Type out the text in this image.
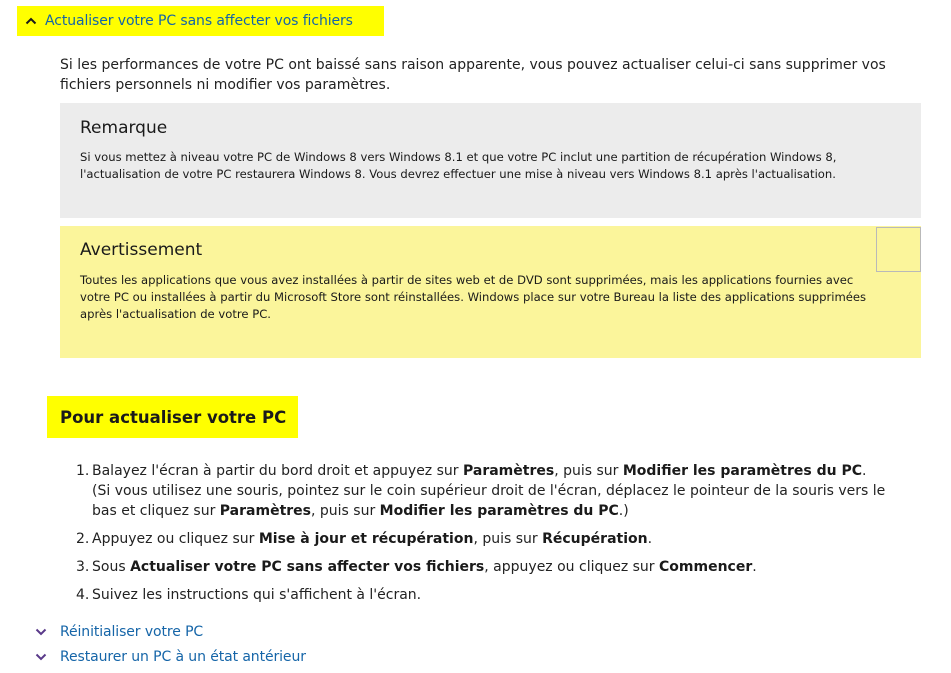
Actualiser votre PC sans affecter vos fichiers
Si les performances de votre PC ont baissé sans raison apparente, vous pouvez actualiser celui-ci sans supprimer vos fichiers personnels ni modifier vos paramètres.
Remarque
Si vous mettez à niveau votre PC de Windows 8 vers Windows 8.1 et que votre PC inclut une partition de récupération Windows 8, l'actualisation de votre PC restaurera Windows 8. Vous devrez effectuer une mise à niveau vers Windows 8.1 après l'actualisation.
Avertissement
Toutes les applications que vous avez installées à partir de sites web et de DVD sont supprimées, mais les applications fournies avec votre PC ou installées à partir du Microsoft Store sont réinstallées. Windows place sur votre Bureau la liste des applications supprimées après l'actualisation de votre PC.
Pour actualiser votre PC
1. Balayez l'écran à partir du bord droit et appuyez sur Paramètres, puis sur Modifier les paramètres du PC.
(Si vous utilisez une souris, pointez sur le coin supérieur droit de l'écran, déplacez le pointeur de la souris vers le bas et cliquez sur Paramètres, puis sur Modifier les paramètres du PC.)
2. Appuyez ou cliquez sur Mise à jour et récupération, puis sur Récupération.
3. Sous Actualiser votre PC sans affecter vos fichiers, appuyez ou cliquez sur Commencer.
4. Suivez les instructions qui s'affichent à l'écran.
Réinitialiser votre PC
Restaurer un PC à un état antérieur
